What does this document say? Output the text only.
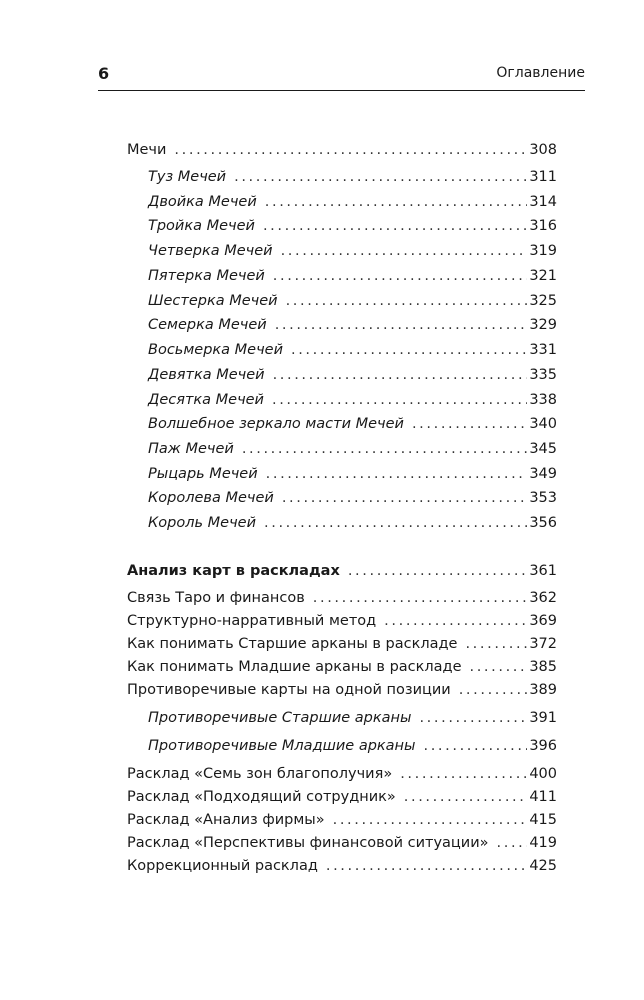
6	Оглавление
Мечи . . .	308
Туз Мечей . . .	311
Двойка Мечей . . .	314
Тройка Мечей . . .	316
Четверка Мечей . . .	319
Пятерка Мечей . . .	321
Шестерка Мечей . . .	325
Семерка Мечей . . .	329
Восьмерка Мечей . . .	331
Девятка Мечей . . .	335
Десятка Мечей . . .	338
Волшебное зеркало масти Мечей . . .	340
Паж Мечей . . .	345
Рыцарь Мечей . . .	349
Королева Мечей . . .	353
Король Мечей . . .	356
Анализ карт в раскладах . . .	361
Связь Таро и финансов . . .	362
Структурно-нарративный метод . . .	369
Как понимать Старшие арканы в раскладе . . .	372
Как понимать Младшие арканы в раскладе . . .	385
Противоречивые карты на одной позиции . . .	389
Противоречивые Старшие арканы . . .	391
Противоречивые Младшие арканы . . .	396
Расклад «Семь зон благополучия» . . .	400
Расклад «Подходящий сотрудник» . . .	411
Расклад «Анализ фирмы» . . .	415
Расклад «Перспективы финансовой ситуации» . . .	419
Коррекционный расклад . . .	425
